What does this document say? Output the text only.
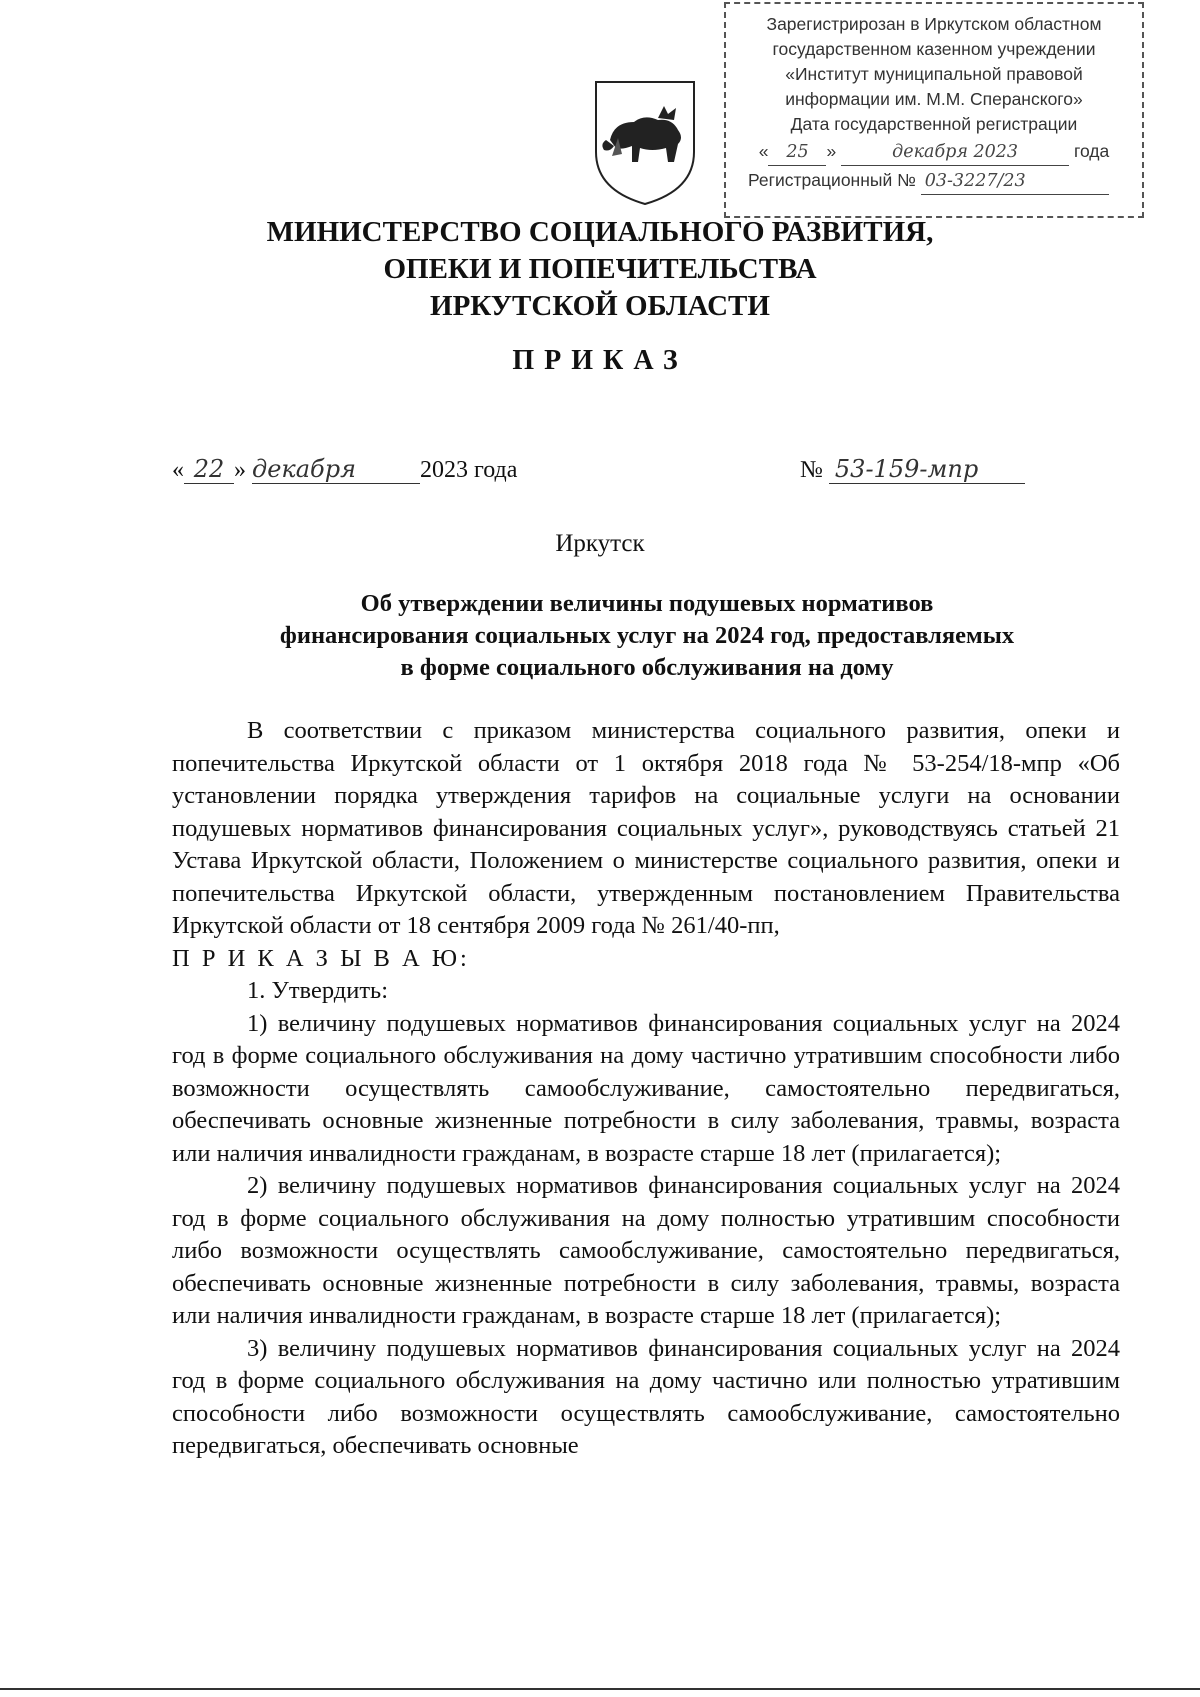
Зарегистрирозан в Иркутском областном
государственном казенном учреждении
«Институт муниципальной правовой
информации им. М.М. Сперанского»
Дата государственной регистрации
« 25 »	декабря 2023	года
Регистрационный № 03-3227/23
МИНИСТЕРСТВО СОЦИАЛЬНОГО РАЗВИТИЯ,
ОПЕКИ И ПОПЕЧИТЕЛЬСТВА
ИРКУТСКОЙ ОБЛАСТИ
ПРИКАЗ
« 22 » декабря	2023 года	№ 53-159-мпр
Иркутск
Об утверждении величины подушевых нормативов
финансирования социальных услуг на 2024 год, предоставляемых
в форме социального обслуживания на дому

В соответствии с приказом министерства социального развития, опеки и попечительства Иркутской области от 1 октября 2018 года № 53-254/18-мпр «Об установлении порядка утверждения тарифов на социальные услуги на основании подушевых нормативов финансирования социальных услуг», руководствуясь статьей 21 Устава Иркутской области, Положением о министерстве социального развития, опеки и попечительства Иркутской области, утвержденным постановлением Правительства Иркутской области от 18 сентября 2009 года № 261/40-пп,

П Р И К А З Ы В А Ю:

1. Утвердить:

1) величину подушевых нормативов финансирования социальных услуг на 2024 год в форме социального обслуживания на дому частично утратившим способности либо возможности осуществлять самообслуживание, самостоятельно передвигаться, обеспечивать основные жизненные потребности в силу заболевания, травмы, возраста или наличия инвалидности гражданам, в возрасте старше 18 лет (прилагается);

2) величину подушевых нормативов финансирования социальных услуг на 2024 год в форме социального обслуживания на дому полностью утратившим способности либо возможности осуществлять самообслуживание, самостоятельно передвигаться, обеспечивать основные жизненные потребности в силу заболевания, травмы, возраста или наличия инвалидности гражданам, в возрасте старше 18 лет (прилагается);

3) величину подушевых нормативов финансирования социальных услуг на 2024 год в форме социального обслуживания на дому частично или полностью утратившим способности либо возможности осуществлять самообслуживание, самостоятельно передвигаться, обеспечивать основные
